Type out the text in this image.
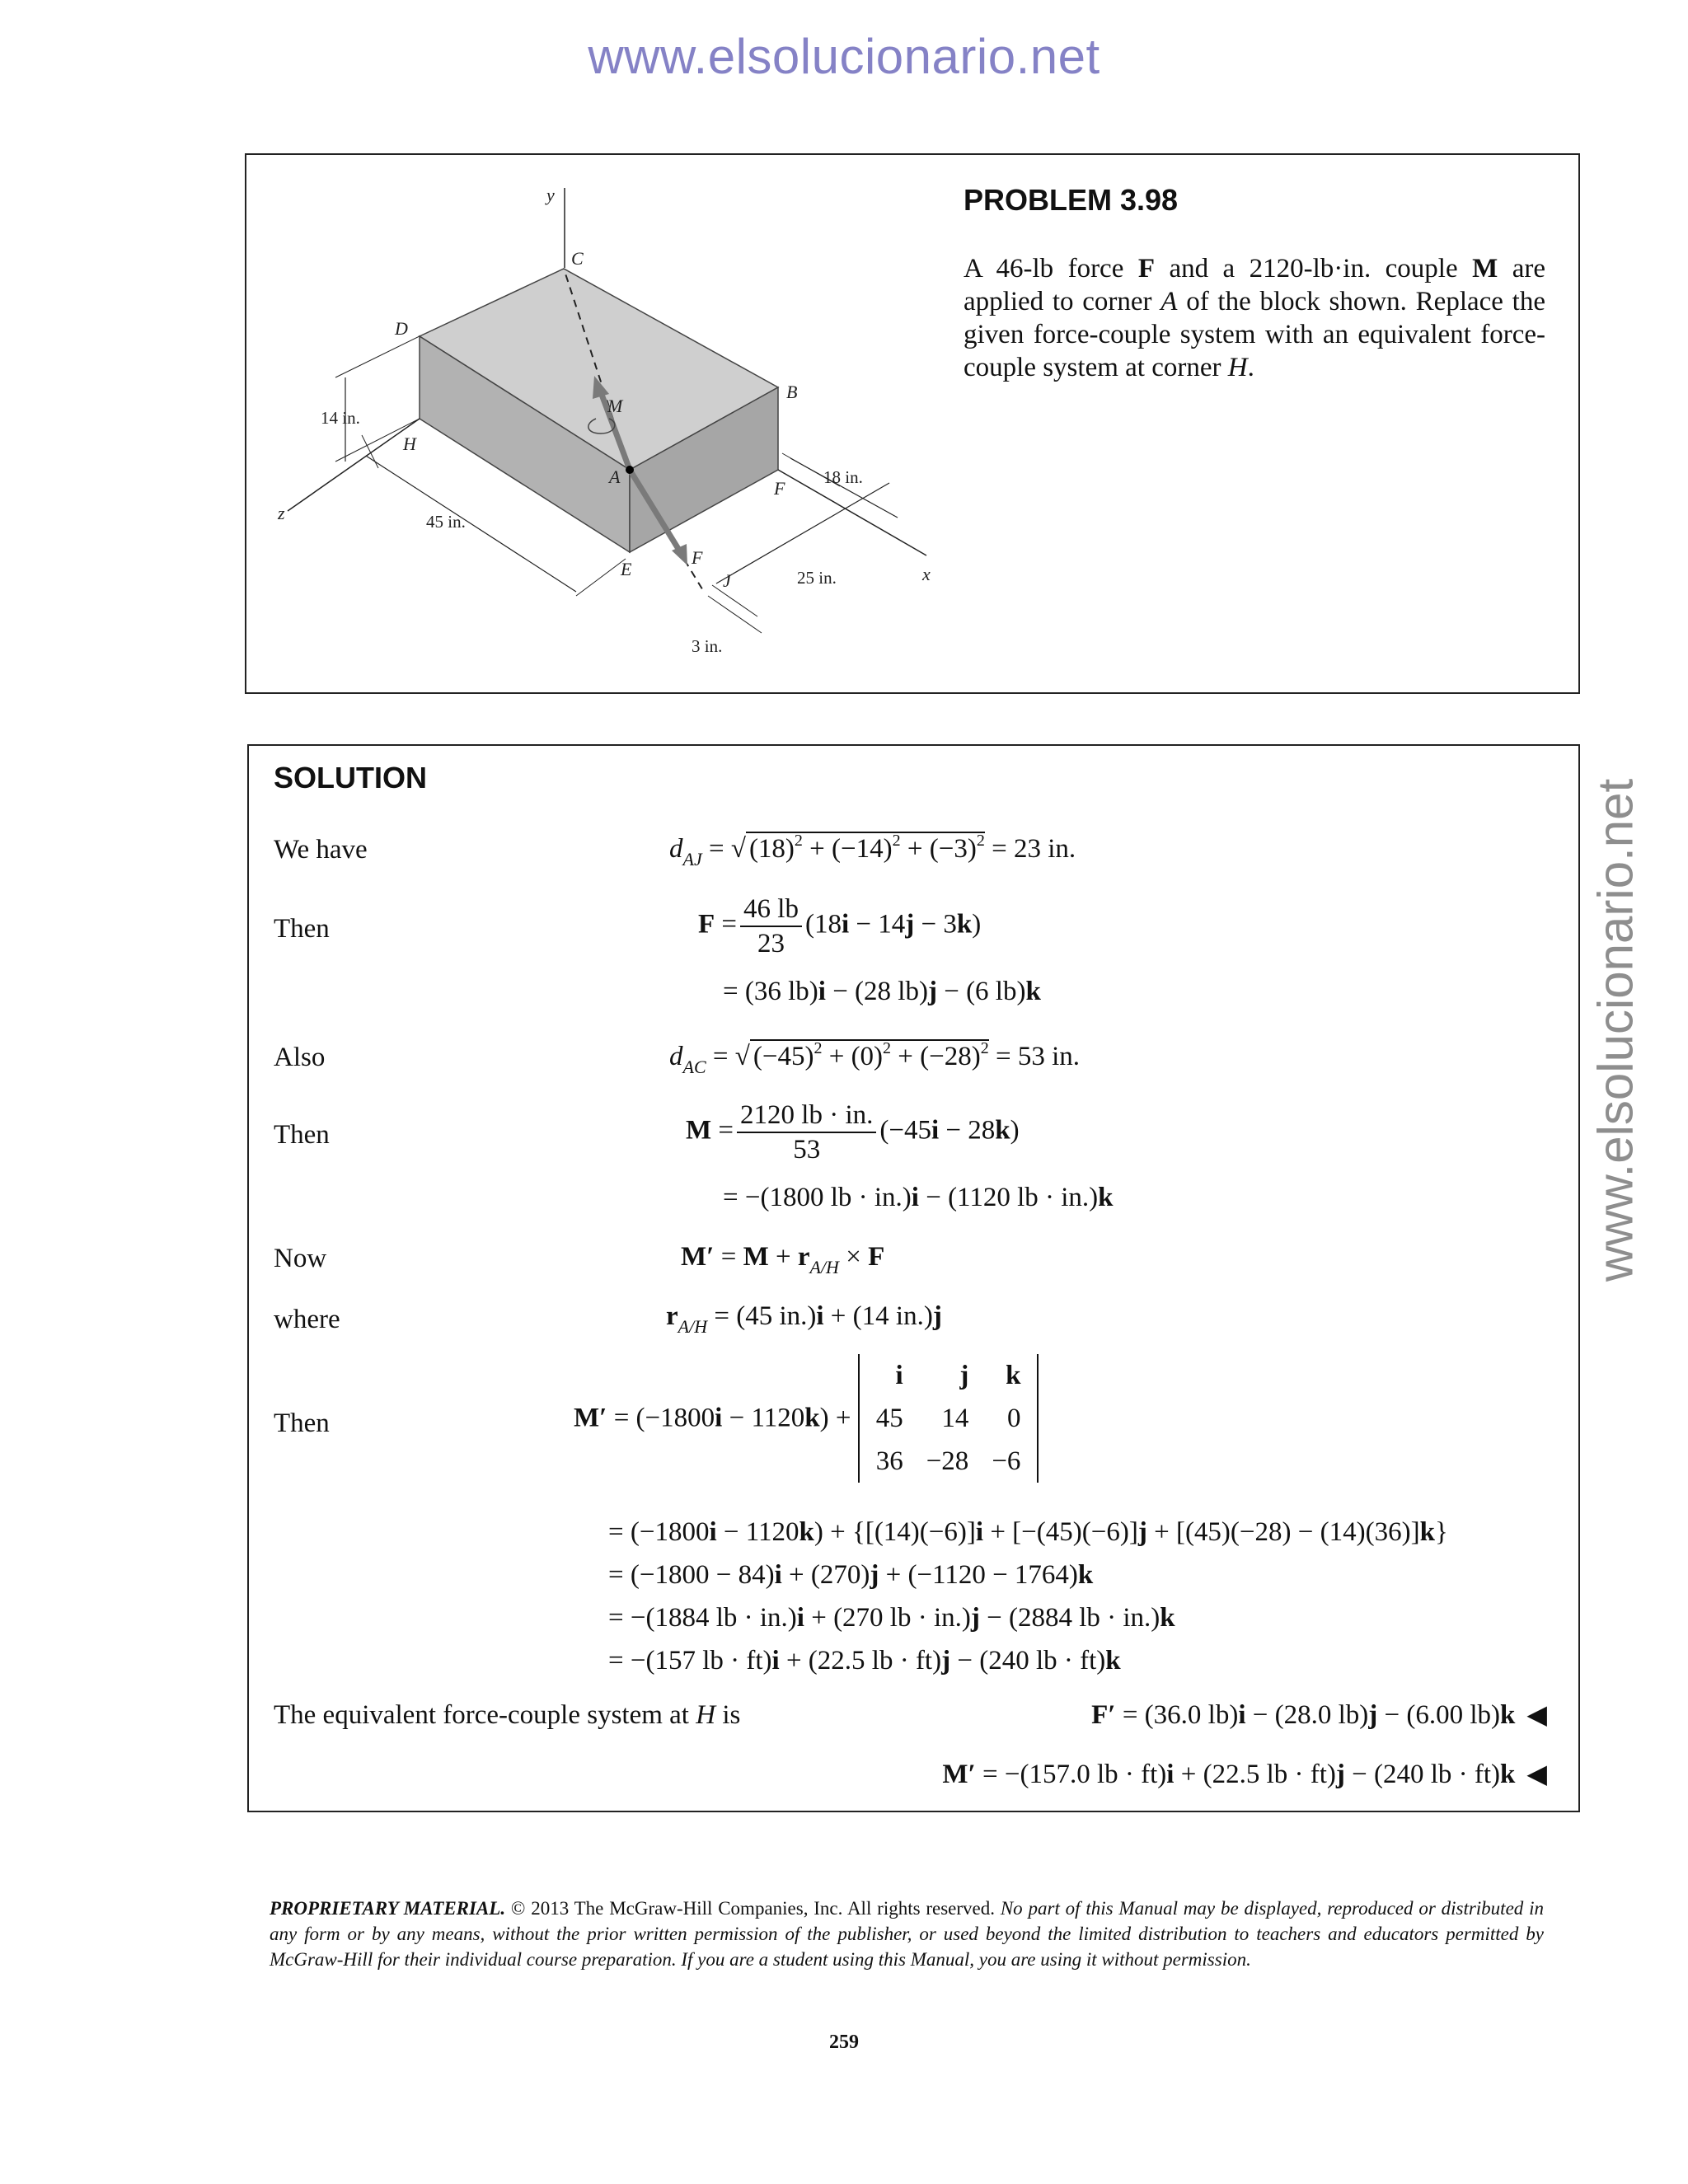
www.elsolucionario.net
www.elsolucionario.net
y
C
D
B
M
H
A
F
E
F
J
z
x
14 in.
45 in.
18 in.
25 in.
3 in.
PROBLEM 3.98
A 46-lb force F and a 2120-lb·in. couple M are applied to corner A of the block shown. Replace the given force-couple system with an equivalent force-couple system at corner H.
SOLUTION
We have	$d_{AJ}$ = √ $(18)^2 + (-14)^2 + (-3)^2 = 23$ in.
Then	$F = \frac{46 lb}{23} (18i - 14j - 3k)$
= (36 lb)i − (28 lb)j − (6 lb)k
Also	$d_{AC}$ = √ $(-45)^2 + (0)^2 + (-28)^2 = 53$ in.
Then	$M = \frac{2120 lb \cdot in.}{53} (-45i - 28k)$
= −(1800 lb · in.)i − (1120 lb · in.)k
Now	$M' = M + r_{A/H} \times F$
where	$r_{A/H} = (45$ in.)i + (14 in.)j
Then	M′ = (−1800i − 1120k) +
i	j	k
45	14	0
36	−28	−6
= (−1800i − 1120k) + {[(14)(−6)]i + [−(45)(−6)]j + [(45)(−28) − (14)(36)]k}
= (−1800 − 84)i + (270)j + (−1120 − 1764)k
= −(1884 lb · in.)i + (270 lb · in.)j − (2884 lb · in.)k
= −(157 lb · ft)i + (22.5 lb · ft)j − (240 lb · ft)k
The equivalent force-couple system at H is	F′ = (36.0 lb)i − (28.0 lb)j − (6.00 lb)k ◀
M′ = −(157.0 lb · ft)i + (22.5 lb · ft)j − (240 lb · ft)k ◀
PROPRIETARY MATERIAL. © 2013 The McGraw-Hill Companies, Inc. All rights reserved. No part of this Manual may be displayed, reproduced or distributed in any form or by any means, without the prior written permission of the publisher, or used beyond the limited distribution to teachers and educators permitted by McGraw-Hill for their individual course preparation. If you are a student using this Manual, you are using it without permission.
259
